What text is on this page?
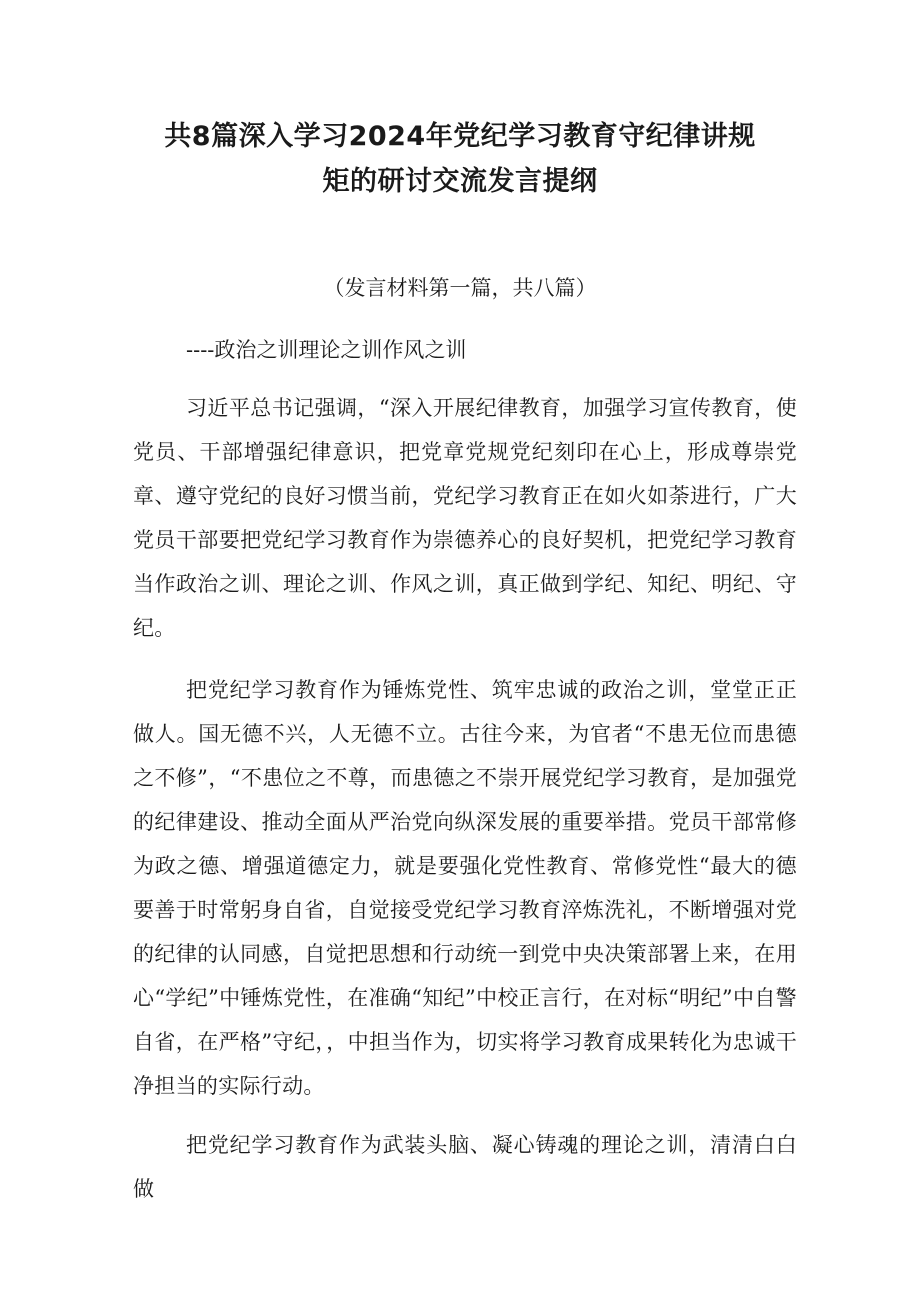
共8篇深入学习2024年党纪学习教育守纪律讲规
矩的研讨交流发言提纲

（发言材料第一篇，共八篇）

----政治之训理论之训作风之训

习近平总书记强调，“深入开展纪律教育，加强学习宣传教育，使党员、干部增强纪律意识，把党章党规党纪刻印在心上，形成尊崇党章、遵守党纪的良好习惯当前，党纪学习教育正在如火如荼进行，广大党员干部要把党纪学习教育作为崇德养心的良好契机，把党纪学习教育当作政治之训、理论之训、作风之训，真正做到学纪、知纪、明纪、守纪。

把党纪学习教育作为锤炼党性、筑牢忠诚的政治之训，堂堂正正做人。国无德不兴，人无德不立。古往今来，为官者“不患无位而患德之不修”，“不患位之不尊，而患德之不崇开展党纪学习教育，是加强党的纪律建设、推动全面从严治党向纵深发展的重要举措。党员干部常修为政之德、增强道德定力，就是要强化党性教育、常修党性“最大的德要善于时常躬身自省，自觉接受党纪学习教育淬炼洗礼，不断增强对党的纪律的认同感，自觉把思想和行动统一到党中央决策部署上来，在用心“学纪”中锤炼党性，在准确“知纪”中校正言行，在对标“明纪”中自警自省，在严格”守纪，，中担当作为，切实将学习教育成果转化为忠诚干净担当的实际行动。

把党纪学习教育作为武装头脑、凝心铸魂的理论之训，清清白白做
